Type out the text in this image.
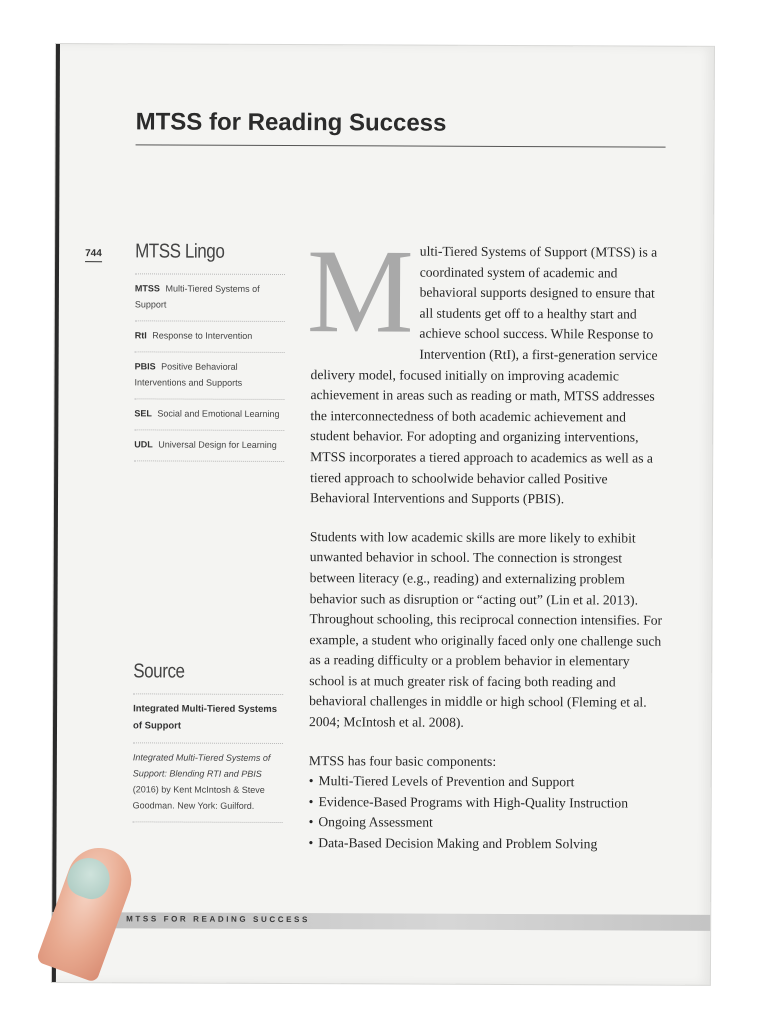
MTSS for Reading Success
744 MTSS Lingo
MTSS Multi-Tiered Systems of Support
RtI Response to Intervention
PBIS Positive Behavioral Interventions and Supports
SEL Social and Emotional Learning
UDL Universal Design for Learning
Source
Integrated Multi-Tiered Systems of Support
Integrated Multi-Tiered Systems of Support: Blending RTI and PBIS (2016) by Kent McIntosh & Steve Goodman. New York: Guilford.

Multi-Tiered Systems of Support (MTSS) is a coordinated system of academic and behavioral supports designed to ensure that all students get off to a healthy start and achieve school success. While Response to Intervention (RtI), a first-generation service delivery model, focused initially on improving academic achievement in areas such as reading or math, MTSS addresses the interconnectedness of both academic achievement and student behavior. For adopting and organizing interventions, MTSS incorporates a tiered approach to academics as well as a tiered approach to schoolwide behavior called Positive Behavioral Interventions and Supports (PBIS).

Students with low academic skills are more likely to exhibit unwanted behavior in school. The connection is strongest between literacy (e.g., reading) and externalizing problem behavior such as disruption or “acting out” (Lin et al. 2013). Throughout schooling, this reciprocal connection intensifies. For example, a student who originally faced only one challenge such as a reading difficulty or a problem behavior in elementary school is at much greater risk of facing both reading and behavioral challenges in middle or high school (Fleming et al. 2004; McIntosh et al. 2008).

MTSS has four basic components:
• Multi-Tiered Levels of Prevention and Support
• Evidence-Based Programs with High-Quality Instruction
• Ongoing Assessment
• Data-Based Decision Making and Problem Solving
MTSS FOR READING SUCCESS
